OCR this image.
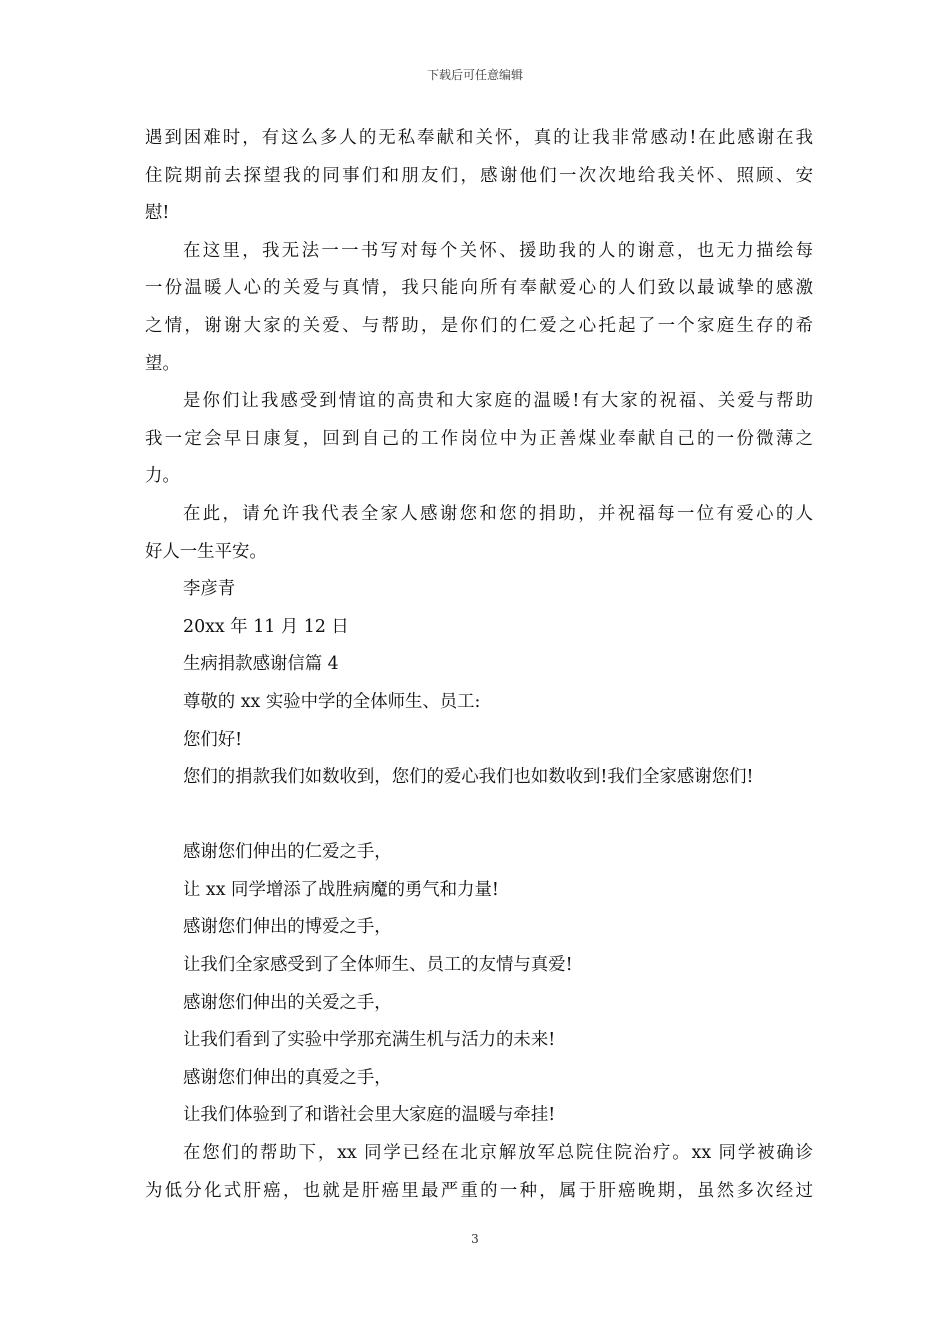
下载后可任意编辑
遇到困难时，有这么多人的无私奉献和关怀，真的让我非常感动!在此感谢在我
住院期前去探望我的同事们和朋友们，感谢他们一次次地给我关怀、照顾、安
慰!
在这里，我无法一一书写对每个关怀、援助我的人的谢意，也无力描绘每
一份温暖人心的关爱与真情，我只能向所有奉献爱心的人们致以最诚挚的感激
之情，谢谢大家的关爱、与帮助，是你们的仁爱之心托起了一个家庭生存的希
望。
是你们让我感受到情谊的高贵和大家庭的温暖!有大家的祝福、关爱与帮助
我一定会早日康复，回到自己的工作岗位中为正善煤业奉献自己的一份微薄之
力。
在此，请允许我代表全家人感谢您和您的捐助，并祝福每一位有爱心的人
好人一生平安。
李彦青
20xx 年 11 月 12 日
生病捐款感谢信篇 4
尊敬的 xx 实验中学的全体师生、员工:
您们好!
您们的捐款我们如数收到，您们的爱心我们也如数收到!我们全家感谢您们!
感谢您们伸出的仁爱之手，
让 xx 同学增添了战胜病魔的勇气和力量!
感谢您们伸出的博爱之手，
让我们全家感受到了全体师生、员工的友情与真爱!
感谢您们伸出的关爱之手，
让我们看到了实验中学那充满生机与活力的未来!
感谢您们伸出的真爱之手，
让我们体验到了和谐社会里大家庭的温暖与牵挂!
在您们的帮助下，xx 同学已经在北京解放军总院住院治疗。xx 同学被确诊
为低分化式肝癌，也就是肝癌里最严重的一种，属于肝癌晚期，虽然多次经过
3
